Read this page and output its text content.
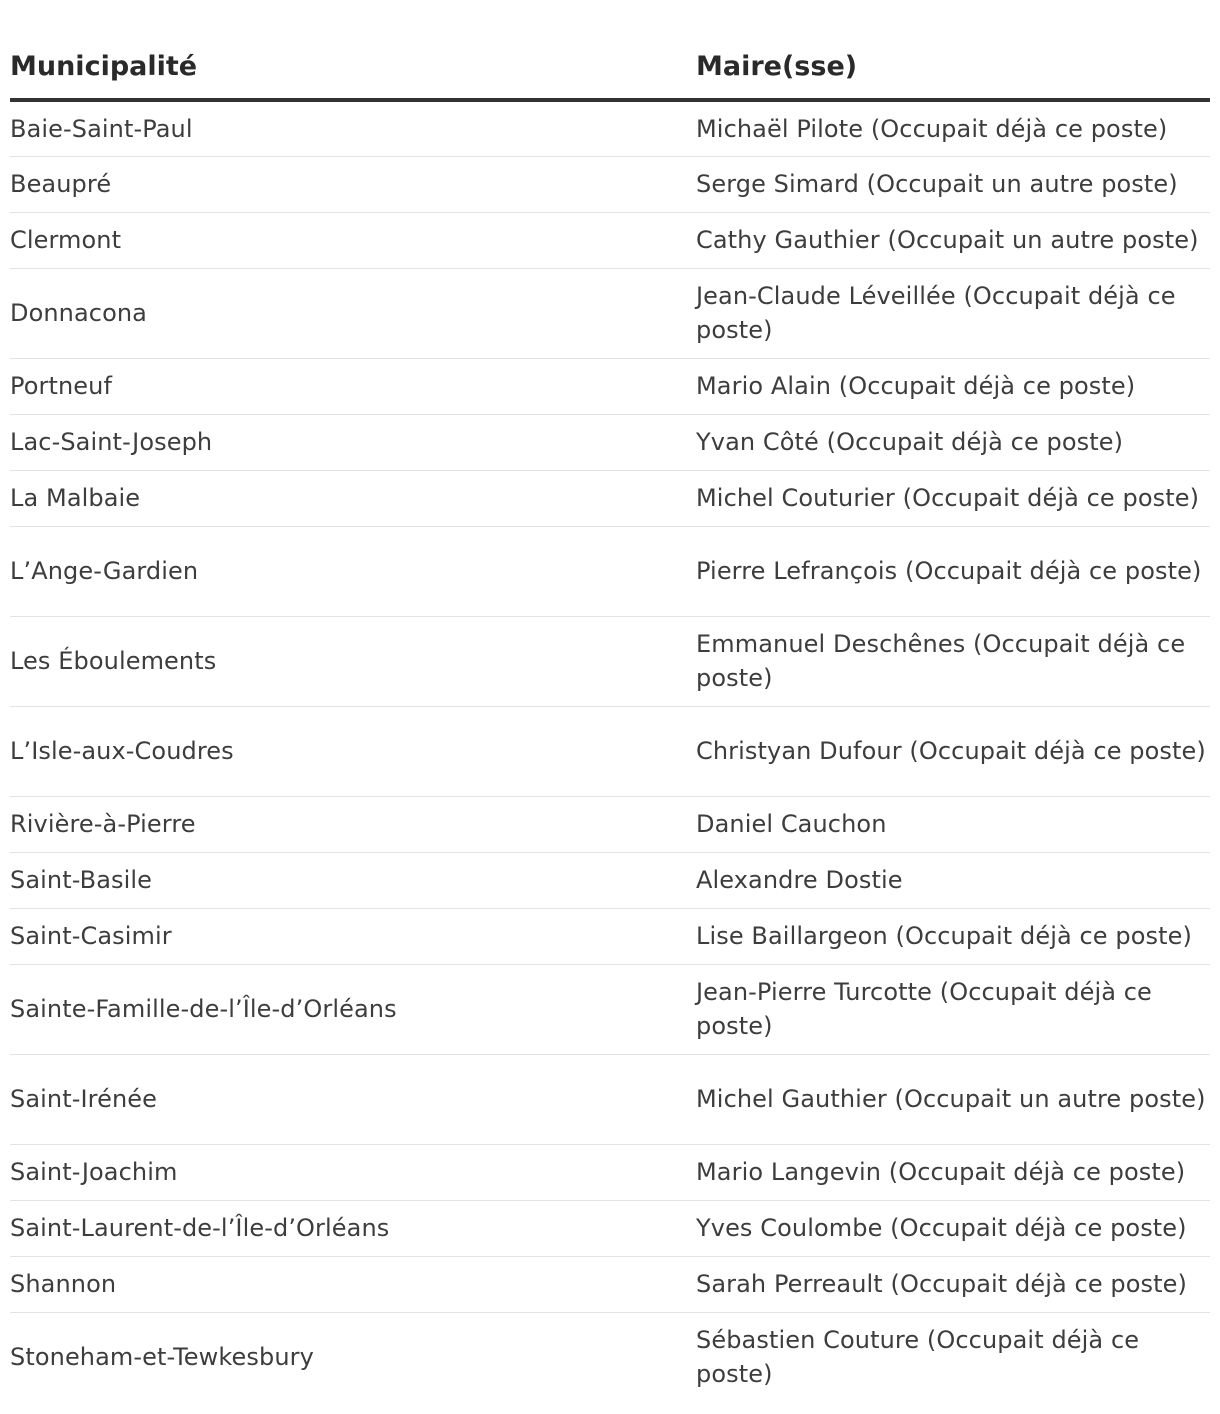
Municipalité	Maire(sse)
Baie-Saint-Paul	Michaël Pilote (Occupait déjà ce poste)
Beaupré	Serge Simard (Occupait un autre poste)
Clermont	Cathy Gauthier (Occupait un autre poste)
Donnacona	Jean-Claude Léveillée (Occupait déjà ce poste)
Portneuf	Mario Alain (Occupait déjà ce poste)
Lac-Saint-Joseph	Yvan Côté (Occupait déjà ce poste)
La Malbaie	Michel Couturier (Occupait déjà ce poste)
L’Ange-Gardien	Pierre Lefrançois (Occupait déjà ce poste)
Les Éboulements	Emmanuel Deschênes (Occupait déjà ce poste)
L’Isle-aux-Coudres	Christyan Dufour (Occupait déjà ce poste)
Rivière-à-Pierre	Daniel Cauchon
Saint-Basile	Alexandre Dostie
Saint-Casimir	Lise Baillargeon (Occupait déjà ce poste)
Sainte-Famille-de-l’Île-d’Orléans	Jean-Pierre Turcotte (Occupait déjà ce poste)
Saint-Irénée	Michel Gauthier (Occupait un autre poste)
Saint-Joachim	Mario Langevin (Occupait déjà ce poste)
Saint-Laurent-de-l’Île-d’Orléans	Yves Coulombe (Occupait déjà ce poste)
Shannon	Sarah Perreault (Occupait déjà ce poste)
Stoneham-et-Tewkesbury	Sébastien Couture (Occupait déjà ce poste)
